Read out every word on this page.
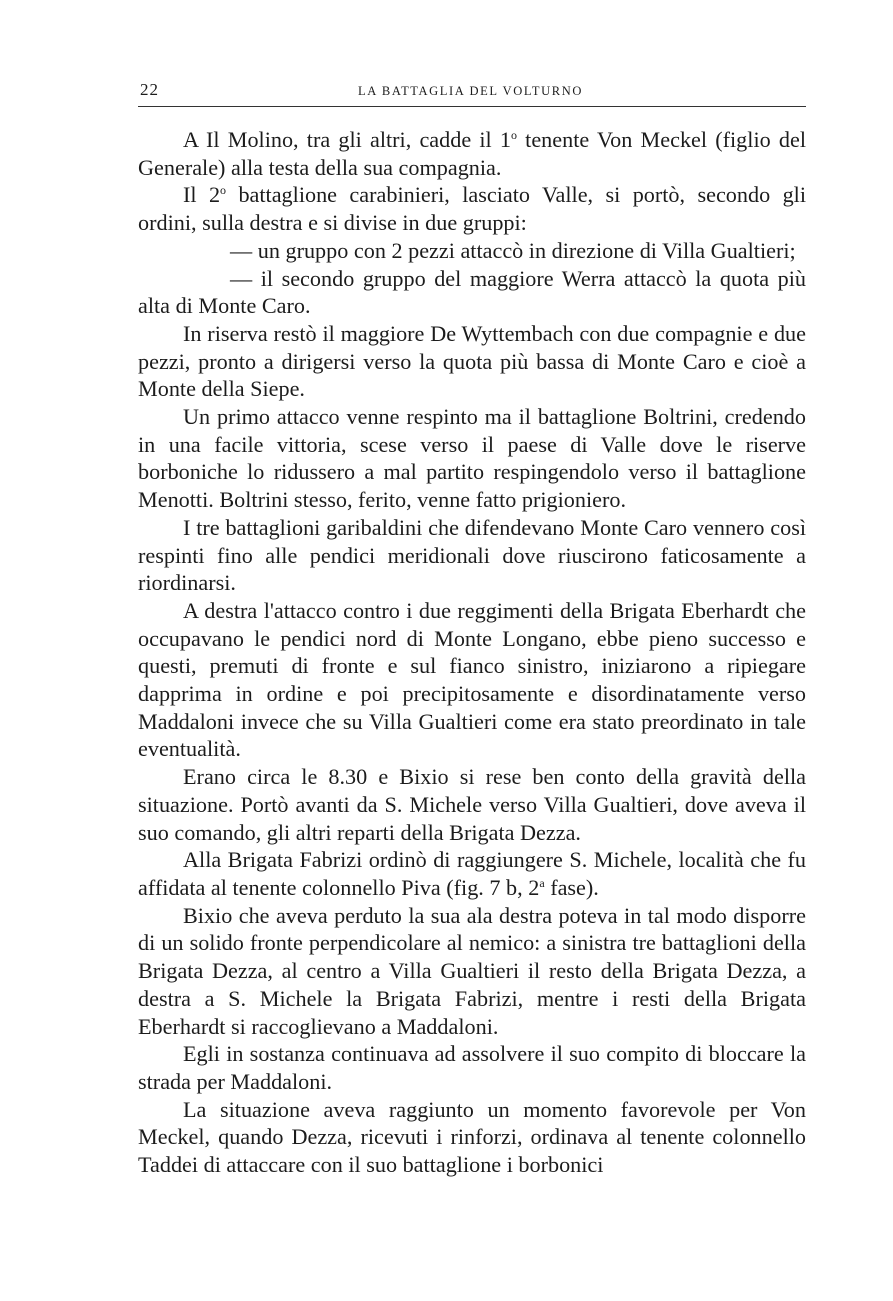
22	LA BATTAGLIA DEL VOLTURNO

A Il Molino, tra gli altri, cadde il 1$^o$ tenente Von Meckel (figlio del Generale) alla testa della sua compagnia.

Il 2$^o$ battaglione carabinieri, lasciato Valle, si portò, secondo gli ordini, sulla destra e si divise in due gruppi:

— un gruppo con 2 pezzi attaccò in direzione di Villa Gualtieri;

— il secondo gruppo del maggiore Werra attaccò la quota più alta di Monte Caro.

In riserva restò il maggiore De Wyttembach con due compagnie e due pezzi, pronto a dirigersi verso la quota più bassa di Monte Caro e cioè a Monte della Siepe.

Un primo attacco venne respinto ma il battaglione Boltrini, credendo in una facile vittoria, scese verso il paese di Valle dove le riserve borboniche lo ridussero a mal partito respingendolo verso il battaglione Menotti. Boltrini stesso, ferito, venne fatto prigioniero.

I tre battaglioni garibaldini che difendevano Monte Caro vennero così respinti fino alle pendici meridionali dove riuscirono faticosamente a riordinarsi.

A destra l'attacco contro i due reggimenti della Brigata Eberhardt che occupavano le pendici nord di Monte Longano, ebbe pieno successo e questi, premuti di fronte e sul fianco sinistro, iniziarono a ripiegare dapprima in ordine e poi precipitosamente e disordinatamente verso Maddaloni invece che su Villa Gualtieri come era stato preordinato in tale eventualità.

Erano circa le 8.30 e Bixio si rese ben conto della gravità della situazione. Portò avanti da S. Michele verso Villa Gualtieri, dove aveva il suo comando, gli altri reparti della Brigata Dezza.

Alla Brigata Fabrizi ordinò di raggiungere S. Michele, località che fu affidata al tenente colonnello Piva (fig. 7 b, 2$^a$ fase).

Bixio che aveva perduto la sua ala destra poteva in tal modo disporre di un solido fronte perpendicolare al nemico: a sinistra tre battaglioni della Brigata Dezza, al centro a Villa Gualtieri il resto della Brigata Dezza, a destra a S. Michele la Brigata Fabrizi, mentre i resti della Brigata Eberhardt si raccoglievano a Maddaloni.

Egli in sostanza continuava ad assolvere il suo compito di bloccare la strada per Maddaloni.

La situazione aveva raggiunto un momento favorevole per Von Meckel, quando Dezza, ricevuti i rinforzi, ordinava al tenente colonnello Taddei di attaccare con il suo battaglione i borbonici
